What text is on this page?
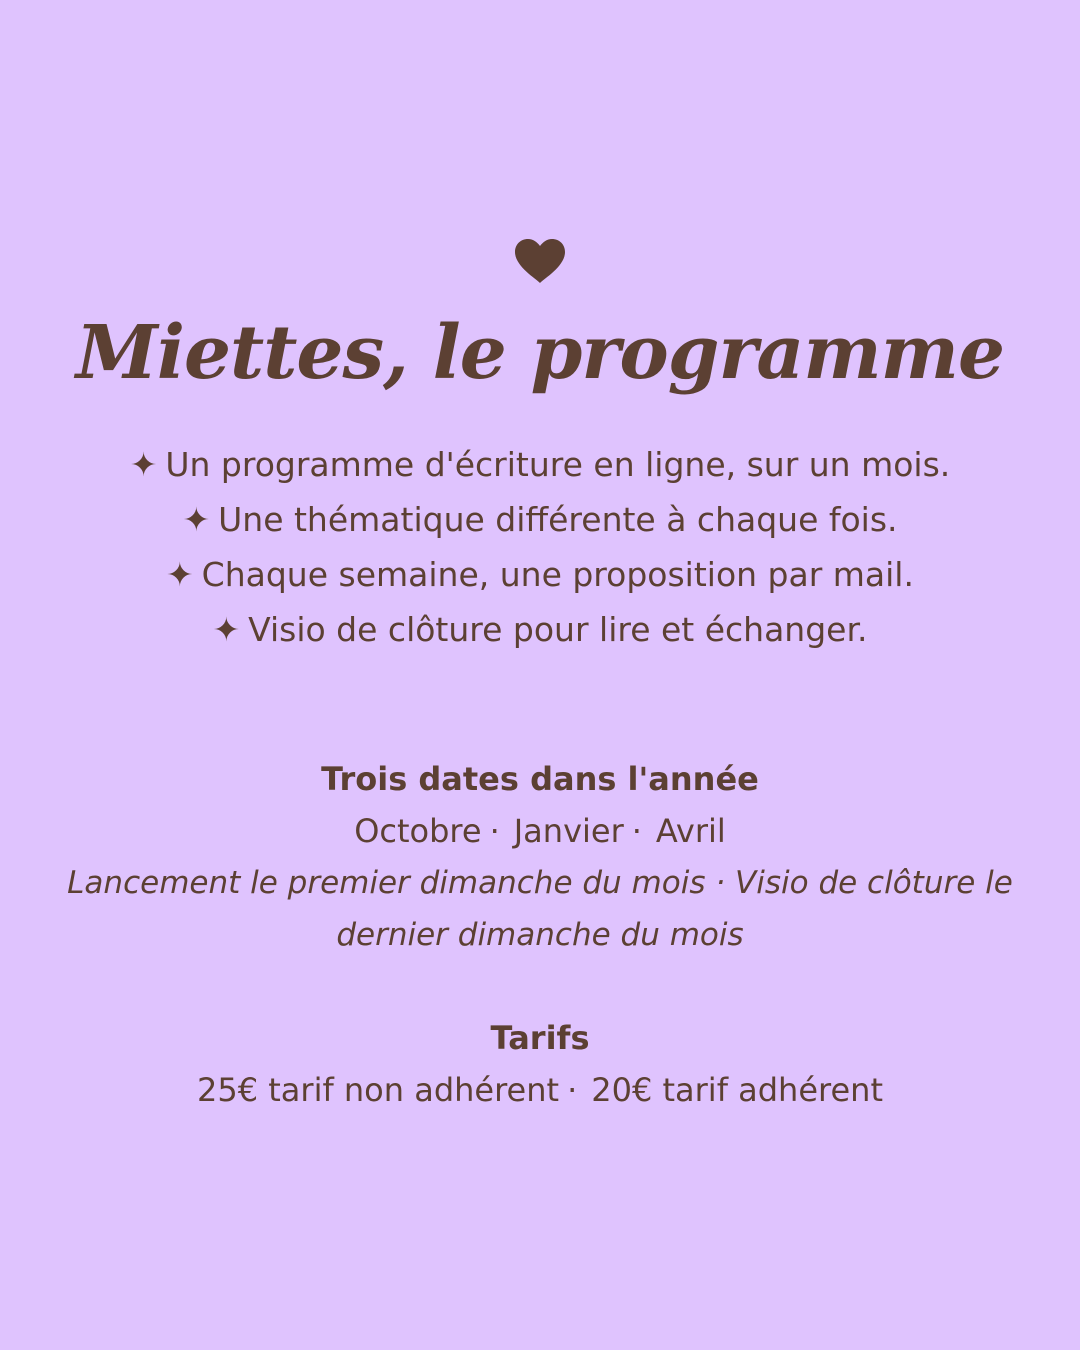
Miettes, le programme
✦ Un programme d'écriture en ligne, sur un mois.
✦ Une thématique différente à chaque fois.
✦ Chaque semaine, une proposition par mail.
✦ Visio de clôture pour lire et échanger.
Trois dates dans l'année
Octobre · Janvier · Avril
Lancement le premier dimanche du mois · Visio de clôture le dernier dimanche du mois
Tarifs
25€ tarif non adhérent · 20€ tarif adhérent
